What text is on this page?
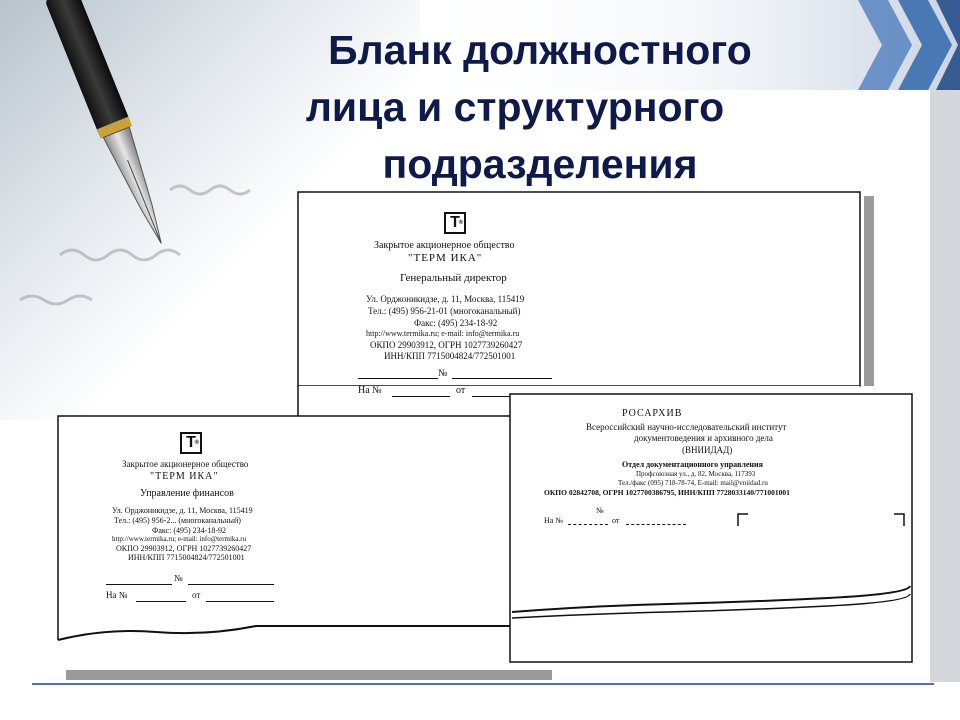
Бланк должностного
лица и структурного
подразделения
T
®
Закрытое акционерное общество
"ТЕРМ ИКА"
Генеральный директор
Ул. Орджоникидзе, д. 11, Москва, 115419
Тел.: (495) 956-21-01 (многоканальный)
Факс: (495) 234-18-92
http://www.termika.ru; e-mail: info@termika.ru
ОКПО 29903912, ОГРН 1027739260427
ИНН/КПП 7715004824/772501001
№
На №	от
T
®
Закрытое акционерное общество
"ТЕРМ ИКА"
Управление финансов
Ул. Орджоникидзе, д. 11, Москва, 115419
Тел.: (495) 956-2... (многоканальный)
Факс: (495) 234-18-92
http://www.termika.ru; e-mail: info@termika.ru
ОКПО 29903912, ОГРН 1027739260427
ИНН/КПП 7715004824/772501001
№
На №	от
РОСАРХИВ
Всероссийский научно-исследовательский институт
документоведения и архивного дела
(ВНИИДАД)
Отдел документационного управления
Профсоюзная ул., д. 82, Москва, 117393
Тел./факс (095) 718-78-74, E-mail: mail@vniidad.ru
ОКПО 02842708, ОГРН 1027700386795, ИНН/КПП 7728033140/771001001
№
На №	от
